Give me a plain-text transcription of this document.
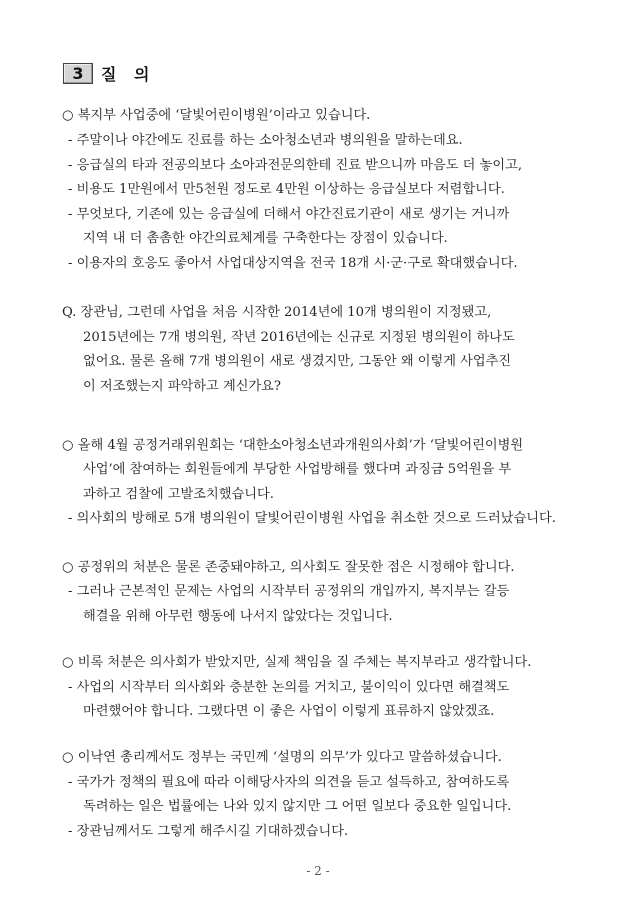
3	질 의
○ 복지부 사업중에 ‘달빛어린이병원’이라고 있습니다.
- 주말이나 야간에도 진료를 하는 소아청소년과 병의원을 말하는데요.
- 응급실의 타과 전공의보다 소아과전문의한테 진료 받으니까 마음도 더 놓이고,
- 비용도 1만원에서 만5천원 정도로 4만원 이상하는 응급실보다 저렴합니다.
- 무엇보다, 기존에 있는 응급실에 더해서 야간진료기관이 새로 생기는 거니까
지역 내 더 촘촘한 야간의료체계를 구축한다는 장점이 있습니다.
- 이용자의 호응도 좋아서 사업대상지역을 전국 18개 시·군·구로 확대했습니다.
Q. 장관님, 그런데 사업을 처음 시작한 2014년에 10개 병의원이 지정됐고,
2015년에는 7개 병의원, 작년 2016년에는 신규로 지정된 병의원이 하나도
없어요. 물론 올해 7개 병의원이 새로 생겼지만, 그동안 왜 이렇게 사업추진
이 저조했는지 파악하고 계신가요?
○ 올해 4월 공정거래위원회는 ‘대한소아청소년과개원의사회’가 ‘달빛어린이병원
사업’에 참여하는 회원들에게 부당한 사업방해를 했다며 과징금 5억원을 부
과하고 검찰에 고발조치했습니다.
- 의사회의 방해로 5개 병의원이 달빛어린이병원 사업을 취소한 것으로 드러났습니다.
○ 공정위의 처분은 물론 존중돼야하고, 의사회도 잘못한 점은 시정해야 합니다.
- 그러나 근본적인 문제는 사업의 시작부터 공정위의 개입까지, 복지부는 갈등
해결을 위해 아무런 행동에 나서지 않았다는 것입니다.
○ 비록 처분은 의사회가 받았지만, 실제 책임을 질 주체는 복지부라고 생각합니다.
- 사업의 시작부터 의사회와 충분한 논의를 거치고, 불이익이 있다면 해결책도
마련했어야 합니다. 그랬다면 이 좋은 사업이 이렇게 표류하지 않았겠죠.
○ 이낙연 총리께서도 정부는 국민께 ‘설명의 의무’가 있다고 말씀하셨습니다.
- 국가가 정책의 필요에 따라 이해당사자의 의견을 듣고 설득하고, 참여하도록
독려하는 일은 법률에는 나와 있지 않지만 그 어떤 일보다 중요한 일입니다.
- 장관님께서도 그렇게 해주시길 기대하겠습니다.
- 2 -
